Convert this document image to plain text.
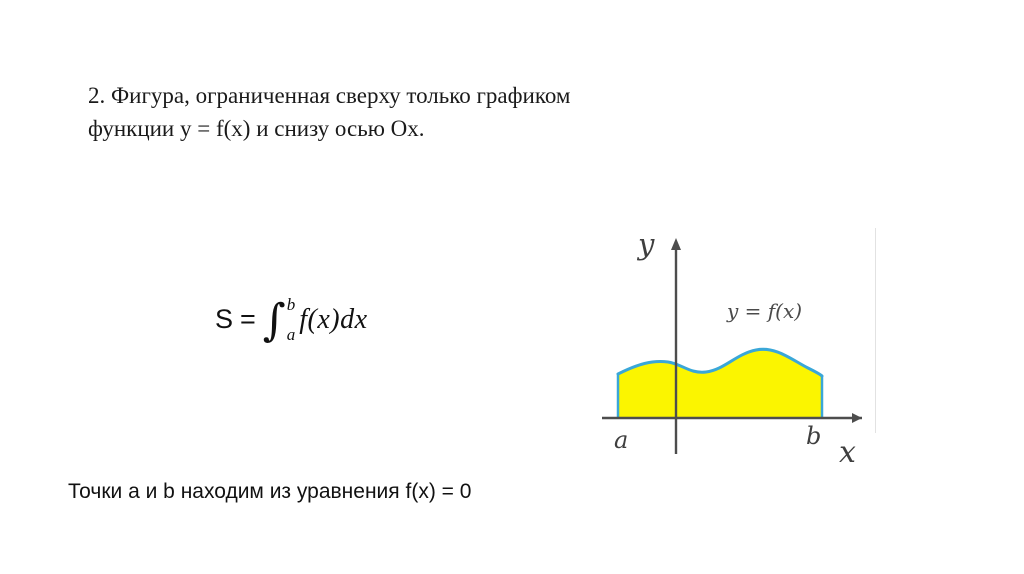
2. Фигура, ограниченная сверху только графиком функции y = f(x) и снизу осью Ох.
S = ∫ b
a f(x)dx
Точки a и b находим из уравнения f(x) = 0
y
x
a	b
y = f(x)
